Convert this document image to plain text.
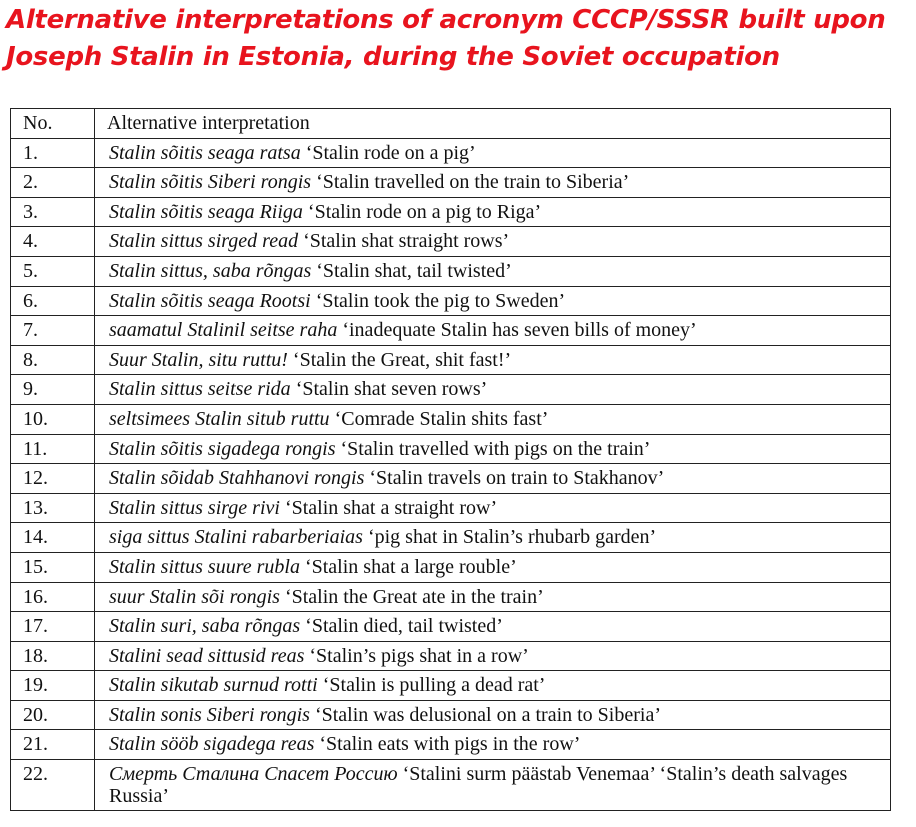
Alternative interpretations of acronym CCCP/SSSR built upon Joseph Stalin in Estonia, during the Soviet occupation
No.	Alternative interpretation
1.	Stalin sõitis seaga ratsa ‘Stalin rode on a pig’
2.	Stalin sõitis Siberi rongis ‘Stalin travelled on the train to Siberia’
3.	Stalin sõitis seaga Riiga ‘Stalin rode on a pig to Riga’
4.	Stalin sittus sirged read ‘Stalin shat straight rows’
5.	Stalin sittus, saba rõngas ‘Stalin shat, tail twisted’
6.	Stalin sõitis seaga Rootsi ‘Stalin took the pig to Sweden’
7.	saamatul Stalinil seitse raha ‘inadequate Stalin has seven bills of money’
8.	Suur Stalin, situ ruttu! ‘Stalin the Great, shit fast!’
9.	Stalin sittus seitse rida ‘Stalin shat seven rows’
10.	seltsimees Stalin situb ruttu ‘Comrade Stalin shits fast’
11.	Stalin sõitis sigadega rongis ‘Stalin travelled with pigs on the train’
12.	Stalin sõidab Stahhanovi rongis ‘Stalin travels on train to Stakhanov’
13.	Stalin sittus sirge rivi ‘Stalin shat a straight row’
14.	siga sittus Stalini rabarberiaias ‘pig shat in Stalin’s rhubarb garden’
15.	Stalin sittus suure rubla ‘Stalin shat a large rouble’
16.	suur Stalin sõi rongis ‘Stalin the Great ate in the train’
17.	Stalin suri, saba rõngas ‘Stalin died, tail twisted’
18.	Stalini sead sittusid reas ‘Stalin’s pigs shat in a row’
19.	Stalin sikutab surnud rotti ‘Stalin is pulling a dead rat’
20.	Stalin sonis Siberi rongis ‘Stalin was delusional on a train to Siberia’
21.	Stalin sööb sigadega reas ‘Stalin eats with pigs in the row’
22.	Смерть Сталина Спасет Россию ‘Stalini surm päästab Venemaa’ ‘Stalin’s death salvages Russia’
